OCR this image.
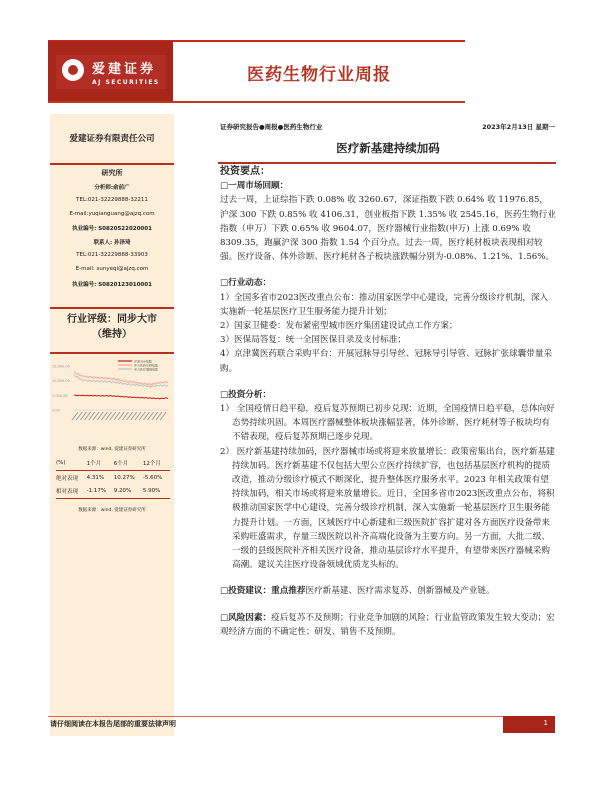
爱建证券
AJ SECURITIES	医药生物行业周报
爱建证券有限责任公司
研究所
分析师:俞前广
TEL:021-32229888-32211
E-mail:yuqianguang@ajzq.com
执业编号: S0820522020001
联系人: 孙泽琦
TEL:021-32229888-33903
E-mail: sunyeqi@ajzq.com
执业编号: S0820123010001
行业评级：同步大市
（维持）
15,000.00
10,000.00
5,000.00
0.00
沪深300指数
申万医药生物指数
申万医疗器械指数
数据来源：wind, 爱建证券研究所
(%)	1个月	6个月	12个月
绝对表现	4.31%	10.27%	-5.60%
相对表现	-1.17%	9.20%	5.90%
数据来源：wind, 爱建证券研究所
证券研究报告●周报●医药生物行业	2023年2月13日 星期一
医疗新基建持续加码
投资要点：
□一周市场回顾：
过去一周，上证综指下跌 0.08% 收 3260.67，深证指数下跌 0.64% 收 11976.85，沪深 300 下跌 0.85% 收 4106.31，创业板指下跌 1.35% 收 2545.16，医药生物行业指数（申万）下跌 0.65% 收 9604.07，医疗器械行业指数(申万) 上涨 0.69% 收 8309.35，跑赢沪深 300 指数 1.54 个百分点。过去一周，医疗耗材板块表现相对较强。医疗设备、体外诊断、医疗耗材各子板块涨跌幅分别为-0.08%、1.21%、1.56%。
□行业动态：
1）全国多省市2023医改重点公布：推动国家医学中心建设，完善分级诊疗机制，深入实施新一轮基层医疗卫生服务能力提升计划；
2）国家卫健委：发布紧密型城市医疗集团建设试点工作方案；
3）医保局答复：统一全国医保目录及支付标准；
4）京津冀医药联合采购平台：开展冠脉导引导丝、冠脉导引导管、冠脉扩张球囊带量采购。
□投资分析：
1） 全国疫情日趋平稳，疫后复苏预期已初步兑现：近期，全国疫情日趋平稳，总体向好态势持续巩固。本周医疗器械整体板块涨幅显著，体外诊断、医疗耗材等子板块均有不错表现，疫后复苏预期已逐步兑现。
2） 医疗新基建持续加码，医疗器械市场或将迎来放量增长：政策密集出台，医疗新基建持续加码。医疗新基建不仅包括大型公立医疗持续扩容，也包括基层医疗机构的提质改造，推动分级诊疗模式不断深化，提升整体医疗服务水平。2023 年相关政策有望持续加码，相关市场或将迎来放量增长。近日，全国多省市2023医改重点公布，将积极推动国家医学中心建设，完善分级诊疗机制，深入实施新一轮基层医疗卫生服务能力提升计划。一方面，区域医疗中心新建和三级医院扩容扩建对各方面医疗设备带来采购旺盛需求，存量三级医院以补齐高端化设备为主要方向。另一方面，大批二级、一级的县级医院补齐相关医疗设备，推动基层诊疗水平提升，有望带来医疗器械采购高潮。建议关注医疗设备领域优质龙头标的。
□投资建议：重点推荐医疗新基建、医疗需求复苏、创新器械及产业链。
□风险因素：疫后复苏不及预期；行业竞争加剧的风险；行业监管政策发生较大变动；宏观经济方面的不确定性；研发、销售不及预期。
请仔细阅读在本报告尾部的重要法律声明	1
